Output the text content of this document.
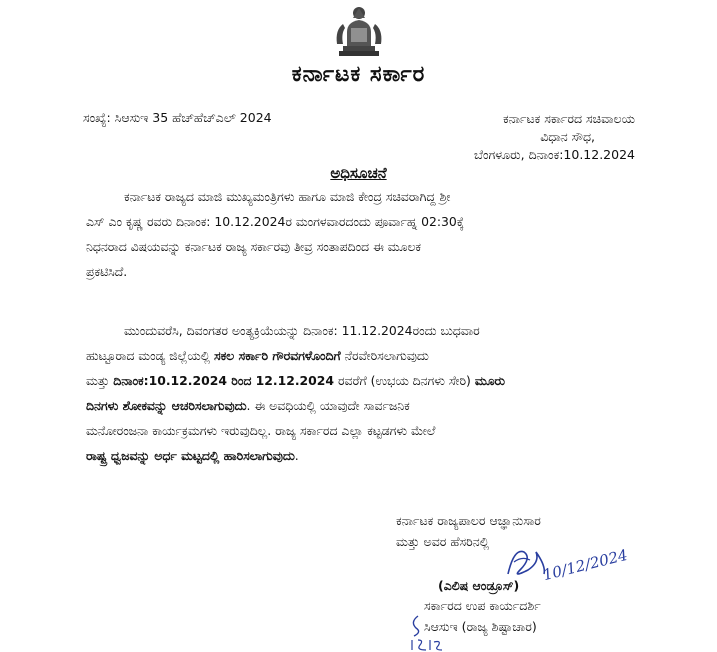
ಕರ್ನಾಟಕ ಸರ್ಕಾರ
ಸಂಖ್ಯೆ: ಸಿಆಸುಇ 35 ಹೆಚ್‌ಹೆಚ್‌ಎಲ್ 2024	ಕರ್ನಾಟಕ ಸರ್ಕಾರದ ಸಚಿವಾಲಯ
ವಿಧಾನ ಸೌಧ,
ಬೆಂಗಳೂರು, ದಿನಾಂಕ:10.12.2024
ಅಧಿಸೂಚನೆ
ಕರ್ನಾಟಕ ರಾಜ್ಯದ ಮಾಜಿ ಮುಖ್ಯಮಂತ್ರಿಗಳು ಹಾಗೂ ಮಾಜಿ ಕೇಂದ್ರ ಸಚಿವರಾಗಿದ್ದ ಶ್ರೀ
ಎಸ್ ಎಂ ಕೃಷ್ಣ ರವರು ದಿನಾಂಕ: 10.12.2024ರ ಮಂಗಳವಾರದಂದು ಪೂರ್ವಾಹ್ನ 02:30ಕ್ಕೆ
ನಿಧನರಾದ ವಿಷಯವನ್ನು ಕರ್ನಾಟಕ ರಾಜ್ಯ ಸರ್ಕಾರವು ತೀವ್ರ ಸಂತಾಪದಿಂದ ಈ ಮೂಲಕ
ಪ್ರಕಟಿಸಿದೆ.
ಮುಂದುವರೆಸಿ, ದಿವಂಗತರ ಅಂತ್ಯಕ್ರಿಯೆಯನ್ನು ದಿನಾಂಕ: 11.12.2024ರಂದು ಬುಧವಾರ
ಹುಟ್ಟೂರಾದ ಮಂಡ್ಯ ಜಿಲ್ಲೆಯಲ್ಲಿ ಸಕಲ ಸರ್ಕಾರಿ ಗೌರವಗಳೊಂದಿಗೆ ನೆರವೇರಿಸಲಾಗುವುದು
ಮತ್ತು ದಿನಾಂಕ:10.12.2024 ರಿಂದ 12.12.2024 ರವರೆಗೆ (ಉಭಯ ದಿನಗಳು ಸೇರಿ) ಮೂರು
ದಿನಗಳು ಶೋಕವನ್ನು ಆಚರಿಸಲಾಗುವುದು. ಈ ಅವಧಿಯಲ್ಲಿ ಯಾವುದೇ ಸಾರ್ವಜನಿಕ
ಮನೋರಂಜನಾ ಕಾರ್ಯಕ್ರಮಗಳು ಇರುವುದಿಲ್ಲ. ರಾಜ್ಯ ಸರ್ಕಾರದ ಎಲ್ಲಾ ಕಟ್ಟಡಗಳು ಮೇಲೆ
ರಾಷ್ಟ್ರ ಧ್ವಜವನ್ನು ಅರ್ಧ ಮಟ್ಟದಲ್ಲಿ ಹಾರಿಸಲಾಗುವುದು.
ಕರ್ನಾಟಕ ರಾಜ್ಯಪಾಲರ ಆಜ್ಞಾನುಸಾರ
ಮತ್ತು ಅವರ ಹೆಸರಿನಲ್ಲಿ
10/12/2024
(ಎಲಿಷ ಆಂಡ್ರೂಸ್)
ಸರ್ಕಾರದ ಉಪ ಕಾರ್ಯದರ್ಶಿ
ಸಿಆಸುಇ (ರಾಜ್ಯ ಶಿಷ್ಟಾಚಾರ)
